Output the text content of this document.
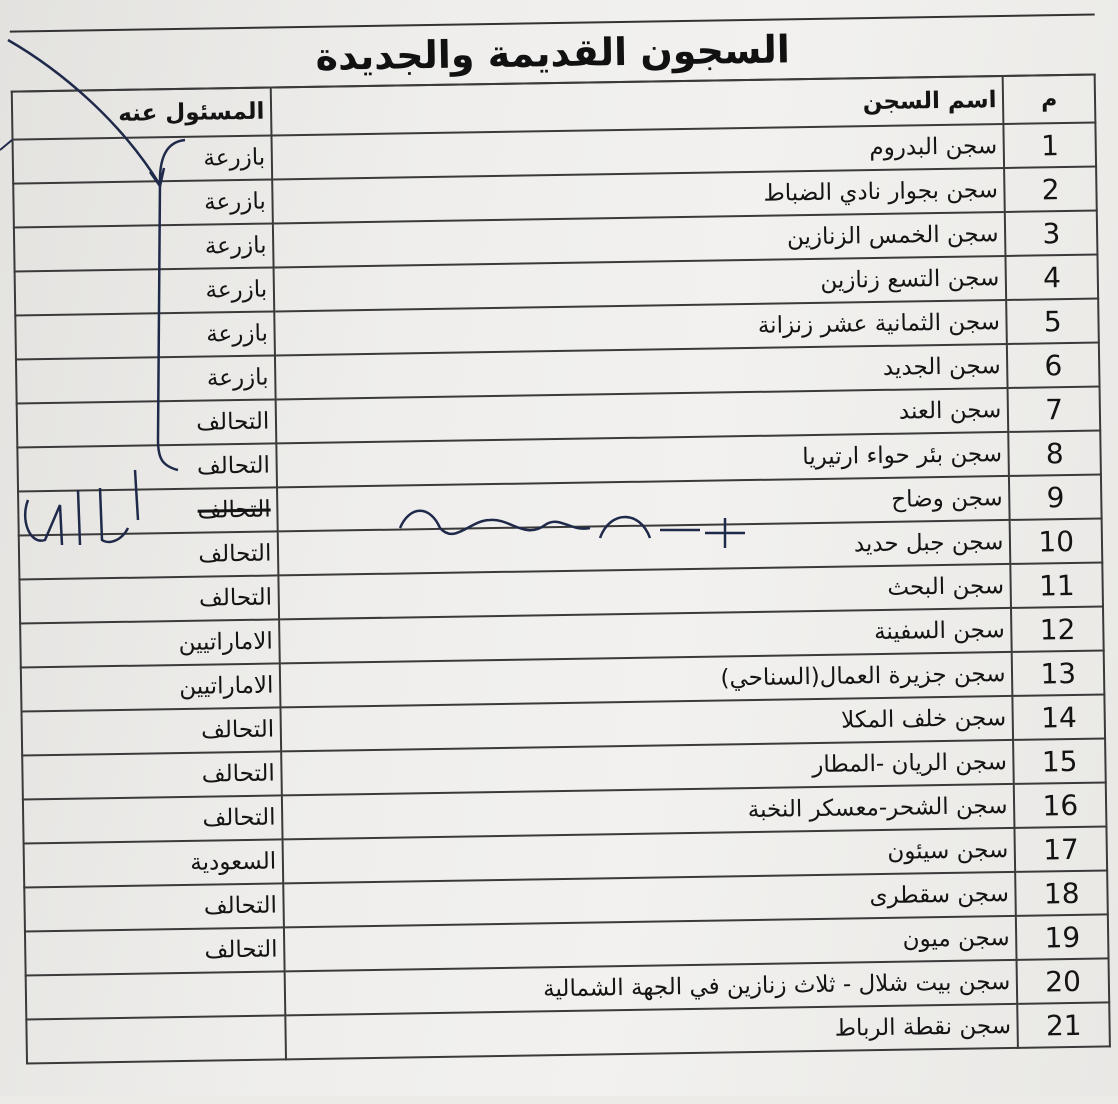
السجون القديمة والجديدة
المسئول عنه	اسم السجن	م
بازرعة	سجن البدروم	1
بازرعة	سجن بجوار نادي الضباط	2
بازرعة	سجن الخمس الزنازين	3
بازرعة	سجن التسع زنازين	4
بازرعة	سجن الثمانية عشر زنزانة	5
بازرعة	سجن الجديد	6
التحالف	سجن العند	7
التحالف	سجن بئر حواء ارتيريا	8
التحالف	سجن وضاح	9
التحالف	سجن جبل حديد	10
التحالف	سجن البحث	11
الاماراتيين	سجن السفينة	12
الاماراتيين	سجن جزيرة العمال(السناحي)	13
التحالف	سجن خلف المكلا	14
التحالف	سجن الريان -المطار	15
التحالف	سجن الشحر-معسكر النخبة	16
السعودية	سجن سيئون	17
التحالف	سجن سقطرى	18
التحالف	سجن ميون	19
	سجن بيت شلال - ثلاث زنازين في الجهة الشمالية	20
	سجن نقطة الرباط	21
